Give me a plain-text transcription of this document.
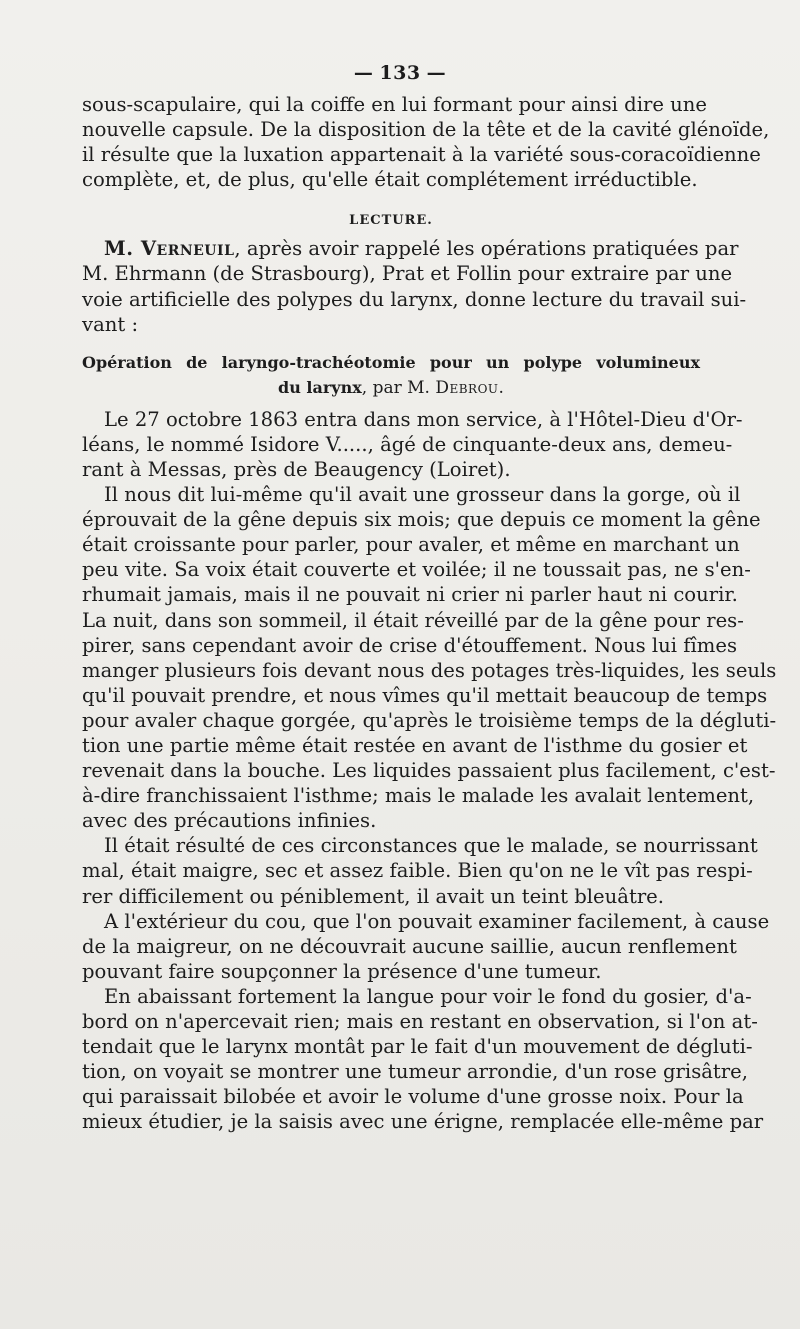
— 133 —
sous-scapulaire, qui la coiffe en lui formant pour ainsi dire une
nouvelle capsule. De la disposition de la tête et de la cavité glénoïde,
il résulte que la luxation appartenait à la variété sous-coracoïdienne
complète, et, de plus, qu'elle était complétement irréductible.
LECTURE.
M. Verneuil, après avoir rappelé les opérations pratiquées par
M. Ehrmann (de Strasbourg), Prat et Follin pour extraire par une
voie artificielle des polypes du larynx, donne lecture du travail sui-
vant :
Opération de laryngo-trachéotomie pour un polype volumineux
du larynx, par M. Debrou.
Le 27 octobre 1863 entra dans mon service, à l'Hôtel-Dieu d'Or-
léans, le nommé Isidore V....., âgé de cinquante-deux ans, demeu-
rant à Messas, près de Beaugency (Loiret).
Il nous dit lui-même qu'il avait une grosseur dans la gorge, où il
éprouvait de la gêne depuis six mois; que depuis ce moment la gêne
était croissante pour parler, pour avaler, et même en marchant un
peu vite. Sa voix était couverte et voilée; il ne toussait pas, ne s'en-
rhumait jamais, mais il ne pouvait ni crier ni parler haut ni courir.
La nuit, dans son sommeil, il était réveillé par de la gêne pour res-
pirer, sans cependant avoir de crise d'étouffement. Nous lui fîmes
manger plusieurs fois devant nous des potages très-liquides, les seuls
qu'il pouvait prendre, et nous vîmes qu'il mettait beaucoup de temps
pour avaler chaque gorgée, qu'après le troisième temps de la dégluti-
tion une partie même était restée en avant de l'isthme du gosier et
revenait dans la bouche. Les liquides passaient plus facilement, c'est-
à-dire franchissaient l'isthme; mais le malade les avalait lentement,
avec des précautions infinies.
Il était résulté de ces circonstances que le malade, se nourrissant
mal, était maigre, sec et assez faible. Bien qu'on ne le vît pas respi-
rer difficilement ou péniblement, il avait un teint bleuâtre.
A l'extérieur du cou, que l'on pouvait examiner facilement, à cause
de la maigreur, on ne découvrait aucune saillie, aucun renflement
pouvant faire soupçonner la présence d'une tumeur.
En abaissant fortement la langue pour voir le fond du gosier, d'a-
bord on n'apercevait rien; mais en restant en observation, si l'on at-
tendait que le larynx montât par le fait d'un mouvement de dégluti-
tion, on voyait se montrer une tumeur arrondie, d'un rose grisâtre,
qui paraissait bilobée et avoir le volume d'une grosse noix. Pour la
mieux étudier, je la saisis avec une érigne, remplacée elle-même par
